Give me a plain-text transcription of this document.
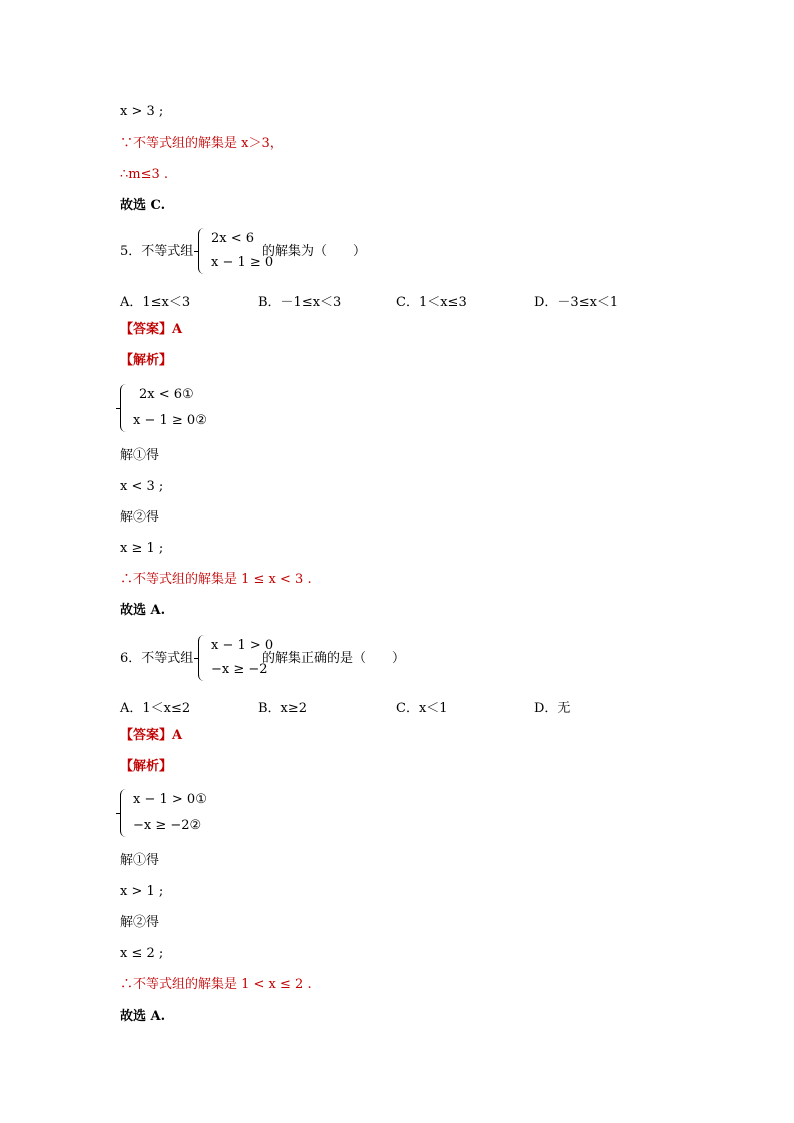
x > 3 ;
∵不等式组的解集是 x＞3，
∴m≤3 .
故选 C.
5．不等式组
2x < 6
x − 1 ≥ 0
的解集为（　　）
A．1≤x＜3	B．－1≤x＜3	C．1＜x≤3	D．－3≤x＜1
【答案】A
【解析】
2x < 6①
x − 1 ≥ 0②
解①得
x < 3 ;
解②得
x ≥ 1 ;
∴不等式组的解集是 1 ≤ x < 3 .
故选 A.
6．不等式组
x − 1 > 0
−x ≥ −2
的解集正确的是（　　）
A．1＜x≤2	B．x≥2	C．x＜1	D．无
【答案】A
【解析】
x − 1 > 0①
−x ≥ −2②
解①得
x > 1 ;
解②得
x ≤ 2 ;
∴不等式组的解集是 1 < x ≤ 2 .
故选 A.
